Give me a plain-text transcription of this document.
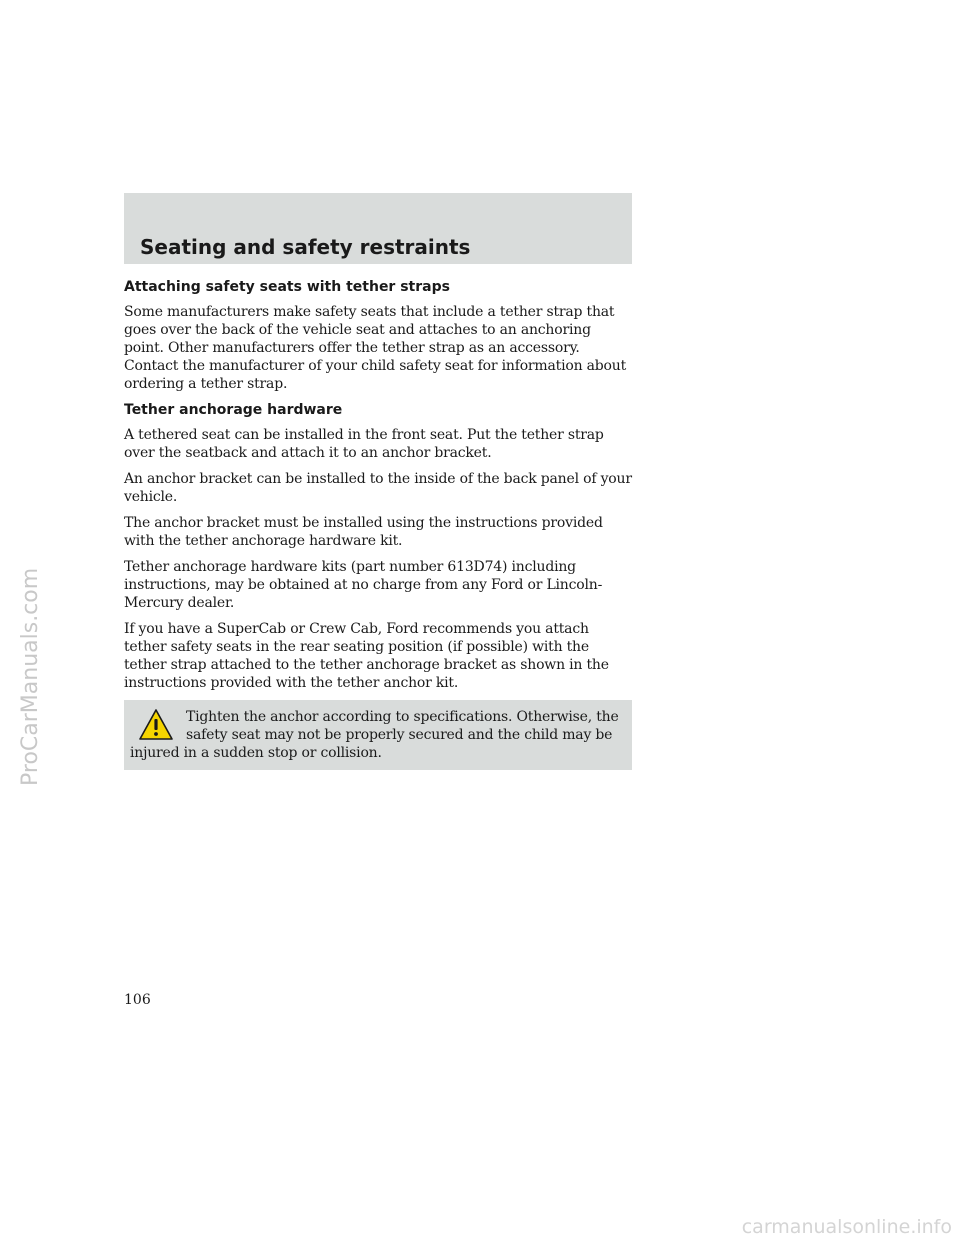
Seating and safety restraints
Attaching safety seats with tether straps

Some manufacturers make safety seats that include a tether strap that goes over the back of the vehicle seat and attaches to an anchoring point. Other manufacturers offer the tether strap as an accessory. Contact the manufacturer of your child safety seat for information about ordering a tether strap.

Tether anchorage hardware

A tethered seat can be installed in the front seat. Put the tether strap over the seatback and attach it to an anchor bracket.

An anchor bracket can be installed to the inside of the back panel of your vehicle.

The anchor bracket must be installed using the instructions provided with the tether anchorage hardware kit.

Tether anchorage hardware kits (part number 613D74) including instructions, may be obtained at no charge from any Ford or Lincoln-Mercury dealer.

If you have a SuperCab or Crew Cab, Ford recommends you attach tether safety seats in the rear seating position (if possible) with the tether strap attached to the tether anchorage bracket as shown in the instructions provided with the tether anchor kit.

Tighten the anchor according to specifications. Otherwise, the safety seat may not be properly secured and the child may be injured in a sudden stop or collision.

106
ProCarManuals.com
carmanualsonline.info
